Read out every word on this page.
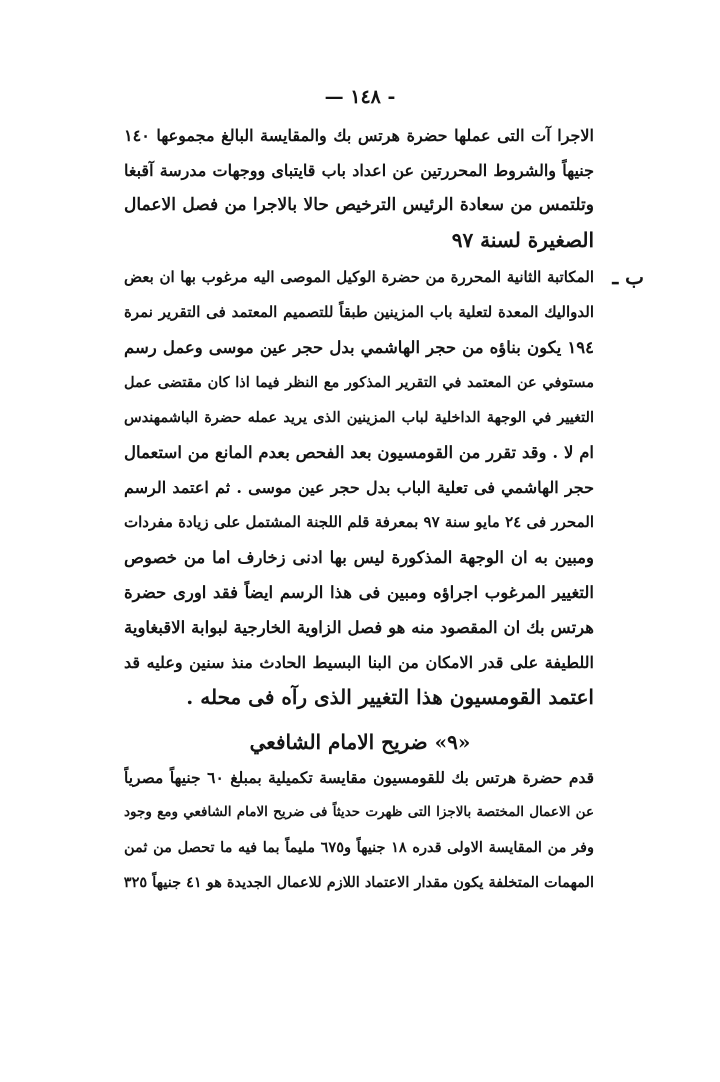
— ١٤٨ -
الاجرا آت التى عملها حضرة هرتس بك والمقايسة البالغ مجموعها ١٤٠
جنيهاً والشروط المحررتين عن اعداد باب قايتباى ووجهات مدرسة آقبغا
وتلتمس من سعادة الرئيس الترخيص حالا بالاجرا من فصل الاعمال
الصغيرة لسنة ٩٧
ب ـ
المكاتبة الثانية المحررة من حضرة الوكيل الموصى اليه مرغوب بها ان بعض
الدواليك المعدة لتعلية باب المزينين طبقاً للتصميم المعتمد فى التقرير نمرة
١٩٤ يكون بناؤه من حجر الهاشمي بدل حجر عين موسى وعمل رسم
مستوفي عن المعتمد في التقرير المذكور مع النظر فيما اذا كان مقتضى عمل
التغيير في الوجهة الداخلية لباب المزينين الذى يريد عمله حضرة الباشمهندس
ام لا . وقد تقرر من القومسيون بعد الفحص بعدم المانع من استعمال
حجر الهاشمي فى تعلية الباب بدل حجر عين موسى . ثم اعتمد الرسم
المحرر فى ٢٤ مايو سنة ٩٧ بمعرفة قلم اللجنة المشتمل على زيادة مفردات
ومبين به ان الوجهة المذكورة ليس بها ادنى زخارف اما من خصوص
التغيير المرغوب اجراؤه ومبين فى هذا الرسم ايضاً فقد اورى حضرة
هرتس بك ان المقصود منه هو فصل الزاوية الخارجية لبوابة الاقبغاوية
اللطيفة على قدر الامكان من البنا البسيط الحادث منذ سنين وعليه قد
اعتمد القومسيون هذا التغيير الذى رآه فى محله .
«٩» ضريح الامام الشافعي
قدم حضرة هرتس بك للقومسيون مقايسة تكميلية بمبلغ ٦٠ جنيهاً مصرياً
عن الاعمال المختصة بالاجزا التى ظهرت حديثاً فى ضريح الامام الشافعي ومع وجود
وفر من المقايسة الاولى قدره ١٨ جنيهاً و٦٧٥ مليماً بما فيه ما تحصل من ثمن
المهمات المتخلفة يكون مقدار الاعتماد اللازم للاعمال الجديدة هو ٤١ جنيهاً ٣٢٥
